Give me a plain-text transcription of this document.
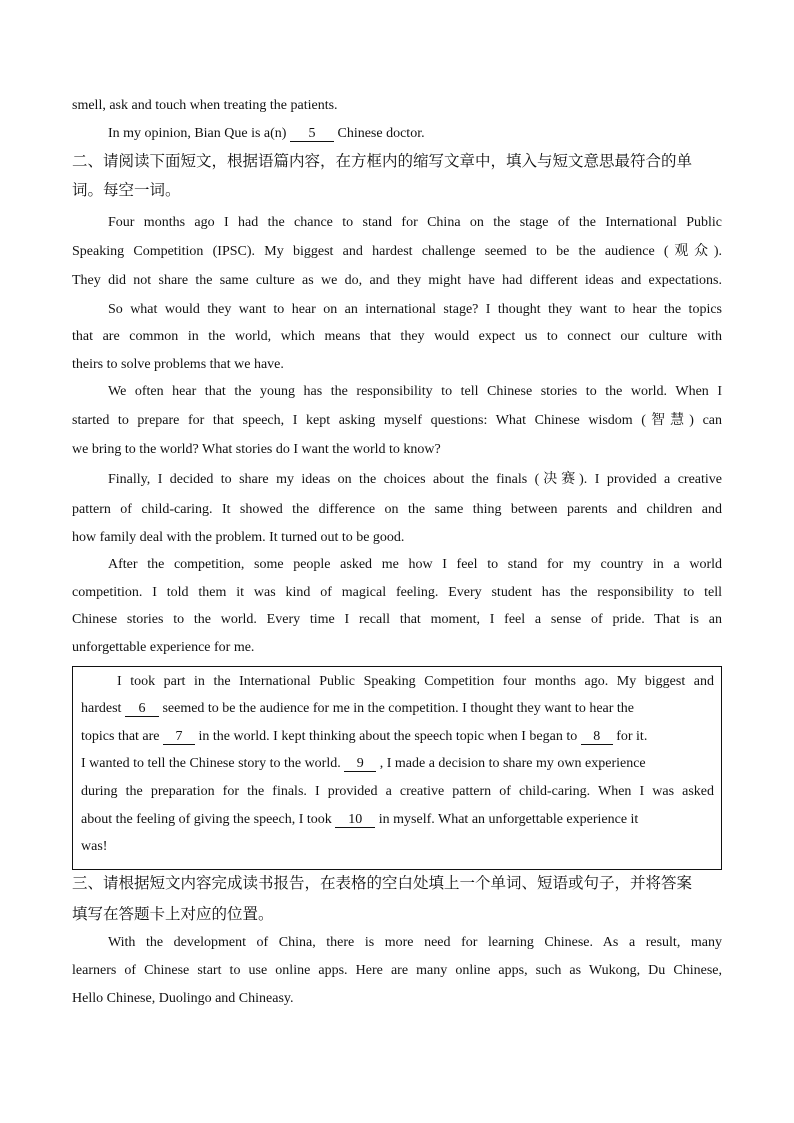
smell, ask and touch when treating the patients.
In my opinion, Bian Que is a(n) 5 Chinese doctor.
二、请阅读下面短文，根据语篇内容，在方框内的缩写文章中，填入与短文意思最符合的单
词。每空一词。
Four months ago I had the chance to stand for China on the stage of the International Public
Speaking Competition (IPSC). My biggest and hardest challenge seemed to be the audience (观众).
They did not share the same culture as we do, and they might have had different ideas and expectations.
So what would they want to hear on an international stage? I thought they want to hear the topics
that are common in the world, which means that they would expect us to connect our culture with
theirs to solve problems that we have.
We often hear that the young has the responsibility to tell Chinese stories to the world. When I
started to prepare for that speech, I kept asking myself questions: What Chinese wisdom (智慧) can
we bring to the world? What stories do I want the world to know?
Finally, I decided to share my ideas on the choices about the finals (决赛). I provided a creative
pattern of child-caring. It showed the difference on the same thing between parents and children and
how family deal with the problem. It turned out to be good.
After the competition, some people asked me how I feel to stand for my country in a world
competition. I told them it was kind of magical feeling. Every student has the responsibility to tell
Chinese stories to the world. Every time I recall that moment, I feel a sense of pride. That is an
unforgettable experience for me.
I took part in the International Public Speaking Competition four months ago. My biggest and
hardest 6 seemed to be the audience for me in the competition. I thought they want to hear the
topics that are 7 in the world. I kept thinking about the speech topic when I began to 8 for it.
I wanted to tell the Chinese story to the world. 9 , I made a decision to share my own experience
during the preparation for the finals. I provided a creative pattern of child-caring. When I was asked
about the feeling of giving the speech, I took 10 in myself. What an unforgettable experience it
was!
三、请根据短文内容完成读书报告，在表格的空白处填上一个单词、短语或句子，并将答案
填写在答题卡上对应的位置。
With the development of China, there is more need for learning Chinese. As a result, many
learners of Chinese start to use online apps. Here are many online apps, such as Wukong, Du Chinese,
Hello Chinese, Duolingo and Chineasy.
